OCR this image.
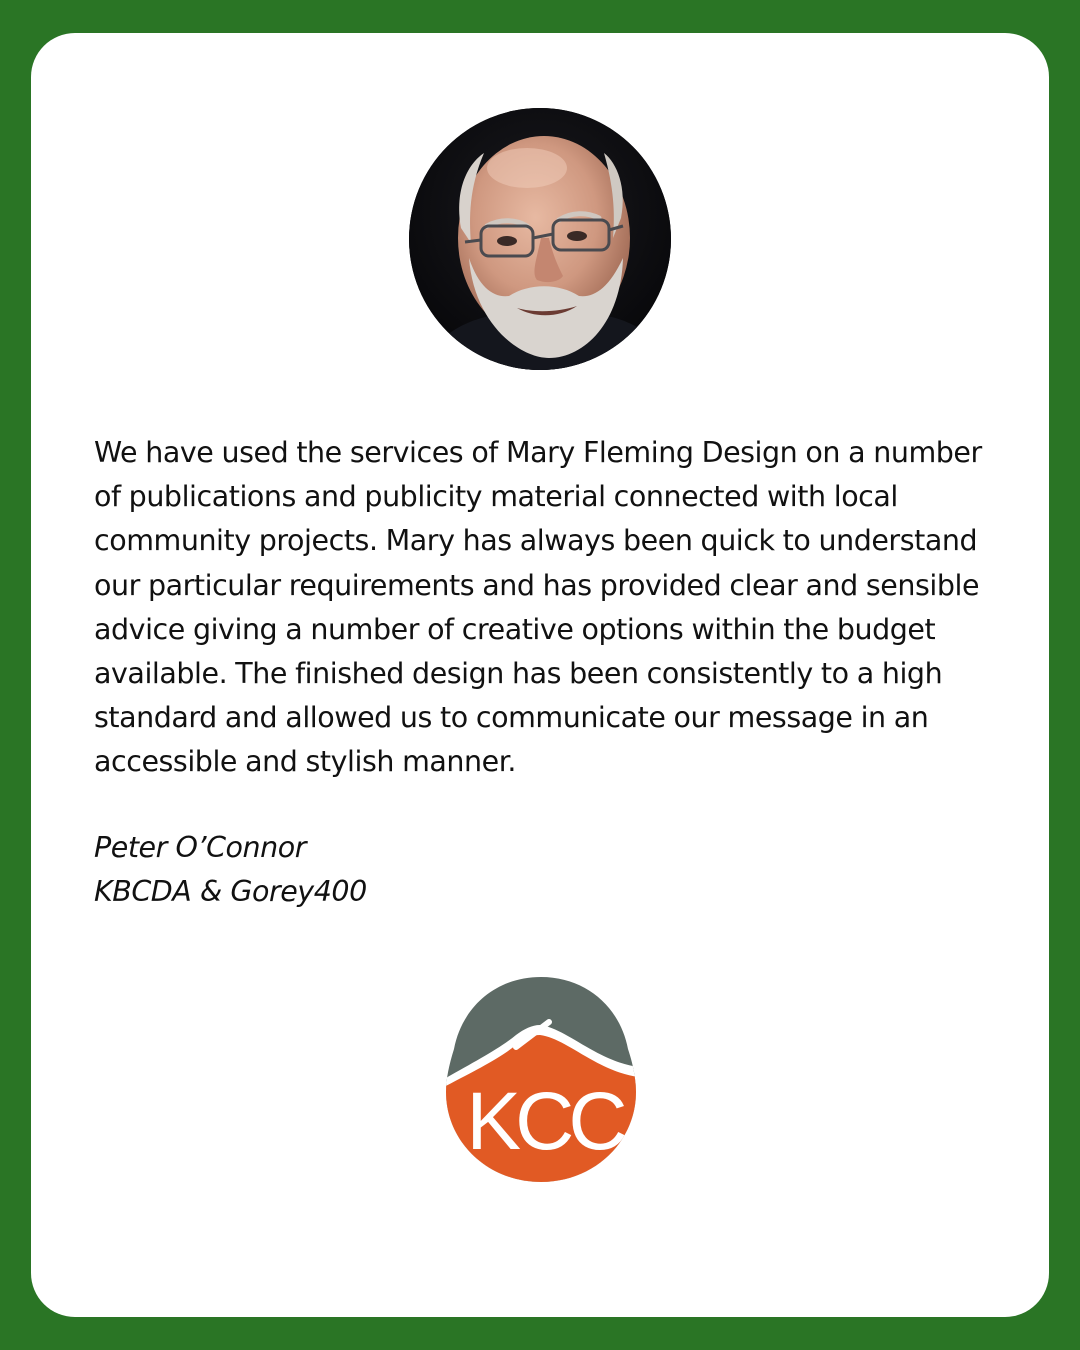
We have used the services of Mary Fleming Design on a number of publications and publicity material connected with local community projects. Mary has always been quick to understand our particular requirements and has provided clear and sensible advice giving a number of creative options within the budget available. The finished design has been consistently to a high standard and allowed us to communicate our message in an accessible and stylish manner.

Peter O’Connor
KBCDA & Gorey400
KCC
